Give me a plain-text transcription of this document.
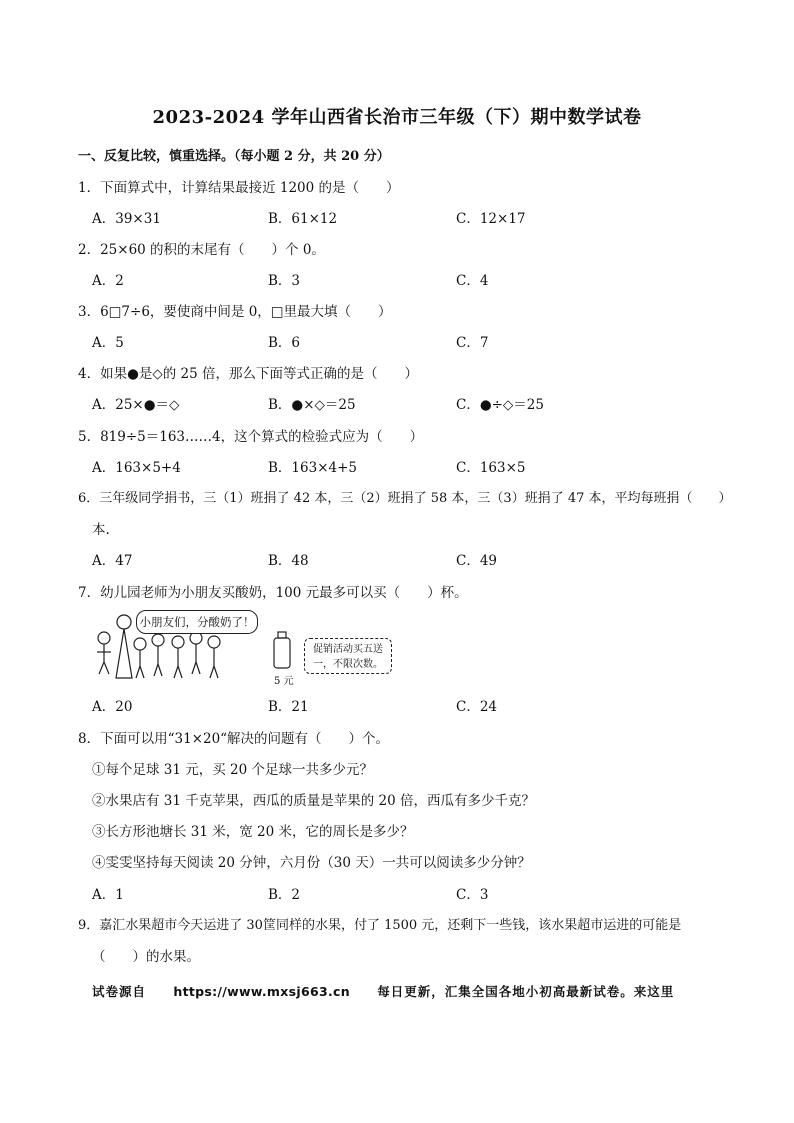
2023-2024 学年山西省长治市三年级（下）期中数学试卷
一、反复比较，慎重选择。（每小题 2 分，共 20 分）
1．下面算式中，计算结果最接近 1200 的是（　　）
A．39×31	B．61×12	C．12×17
2．25×60 的积的末尾有（　　）个 0。
A．2	B．3	C．4
3．6□7÷6，要使商中间是 0，□里最大填（　　）
A．5	B．6	C．7
4．如果●是◇的 25 倍，那么下面等式正确的是（　　）
A．25×●＝◇	B．●×◇＝25	C．●÷◇＝25
5．819÷5＝163……4，这个算式的检验式应为（　　）
A．163×5+4	B．163×4+5	C．163×5
6．三年级同学捐书，三（1）班捐了 42 本，三（2）班捐了 58 本，三（3）班捐了 47 本，平均每班捐（　　）
本.
A．47	B．48	C．49
7．幼儿园老师为小朋友买酸奶，100 元最多可以买（　　）杯。
小朋友们，分酸奶了！
促销活动买五送一，不限次数。
5 元
A．20	B．21	C．24
8．下面可以用“31×20“解决的问题有（　　）个。
①每个足球 31 元，买 20 个足球一共多少元？
②水果店有 31 千克苹果，西瓜的质量是苹果的 20 倍，西瓜有多少千克？
③长方形池塘长 31 米，宽 20 米，它的周长是多少？
④雯雯坚持每天阅读 20 分钟，六月份（30 天）一共可以阅读多少分钟？
A．1	B．2	C．3
9．嘉汇水果超市今天运进了 30筐同样的水果，付了 1500 元，还剩下一些钱，该水果超市运进的可能是
（　　）的水果。
试卷源自 https://www.mxsj663.cn 每日更新，汇集全国各地小初高最新试卷。来这里
